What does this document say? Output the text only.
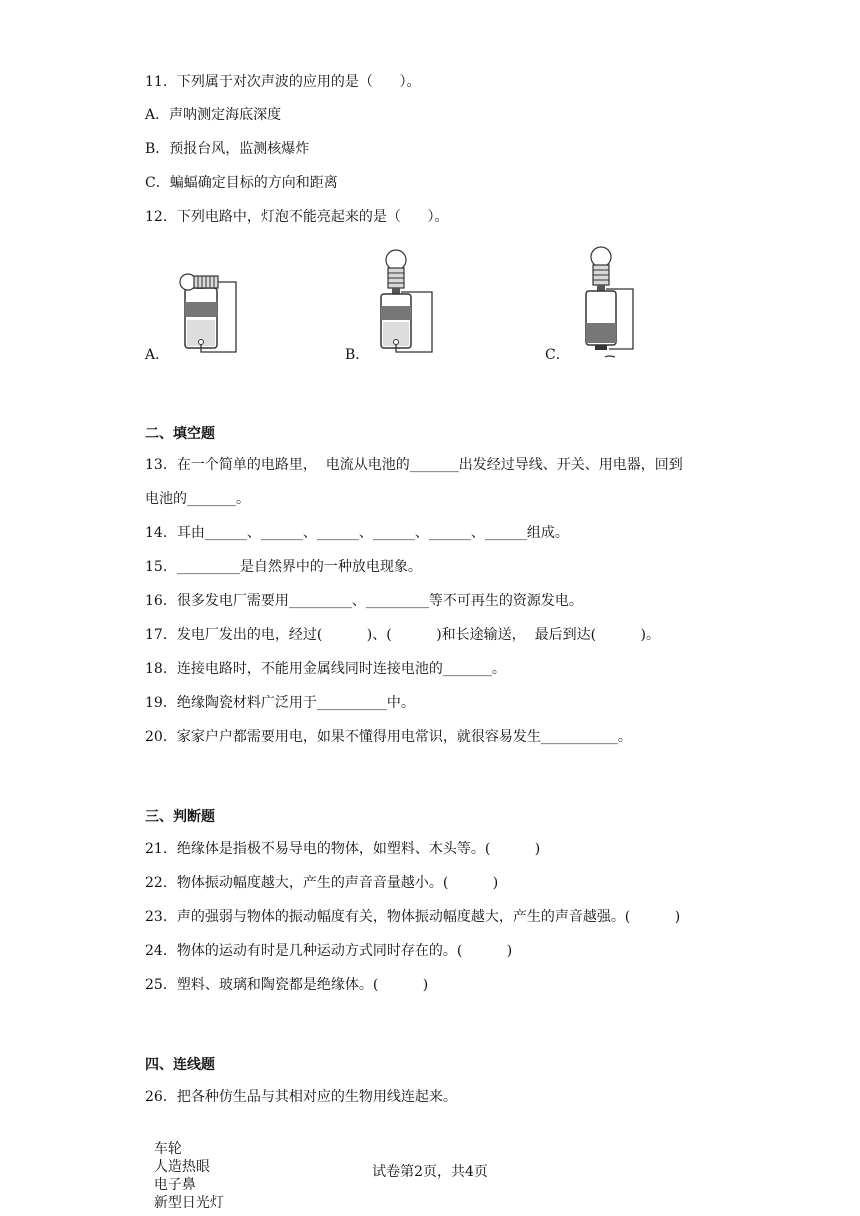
11．下列属于对次声波的应用的是（      ）。
A．声呐测定海底深度
B．预报台风，监测核爆炸
C．蝙蝠确定目标的方向和距离
12．下列电路中，灯泡不能亮起来的是（      ）。
A．	B．	C．
二、填空题
13．在一个简单的电路里，  电流从电池的_______出发经过导线、开关、用电器，回到
电池的_______。
14．耳由______、______、______、______、______、______组成。
15．_________是自然界中的一种放电现象。
16．很多发电厂需要用_________、_________等不可再生的资源发电。
17．发电厂发出的电，经过(          )、(          )和长途输送，  最后到达(          )。
18．连接电路时，不能用金属线同时连接电池的_______。
19．绝缘陶瓷材料广泛用于__________中。
20．家家户户都需要用电，如果不懂得用电常识，就很容易发生___________。
三、判断题
21．绝缘体是指极不易导电的物体，如塑料、木头等。(          )
22．物体振动幅度越大，产生的声音音量越小。(          )
23．声的强弱与物体的振动幅度有关，物体振动幅度越大，产生的声音越强。(          )
24．物体的运动有时是几种运动方式同时存在的。(          )
25．塑料、玻璃和陶瓷都是绝缘体。(          )
四、连线题
26．把各种仿生品与其相对应的生物用线连起来。

车轮
人造热眼
电子鼻
新型日光灯

试卷第2页，共4页
